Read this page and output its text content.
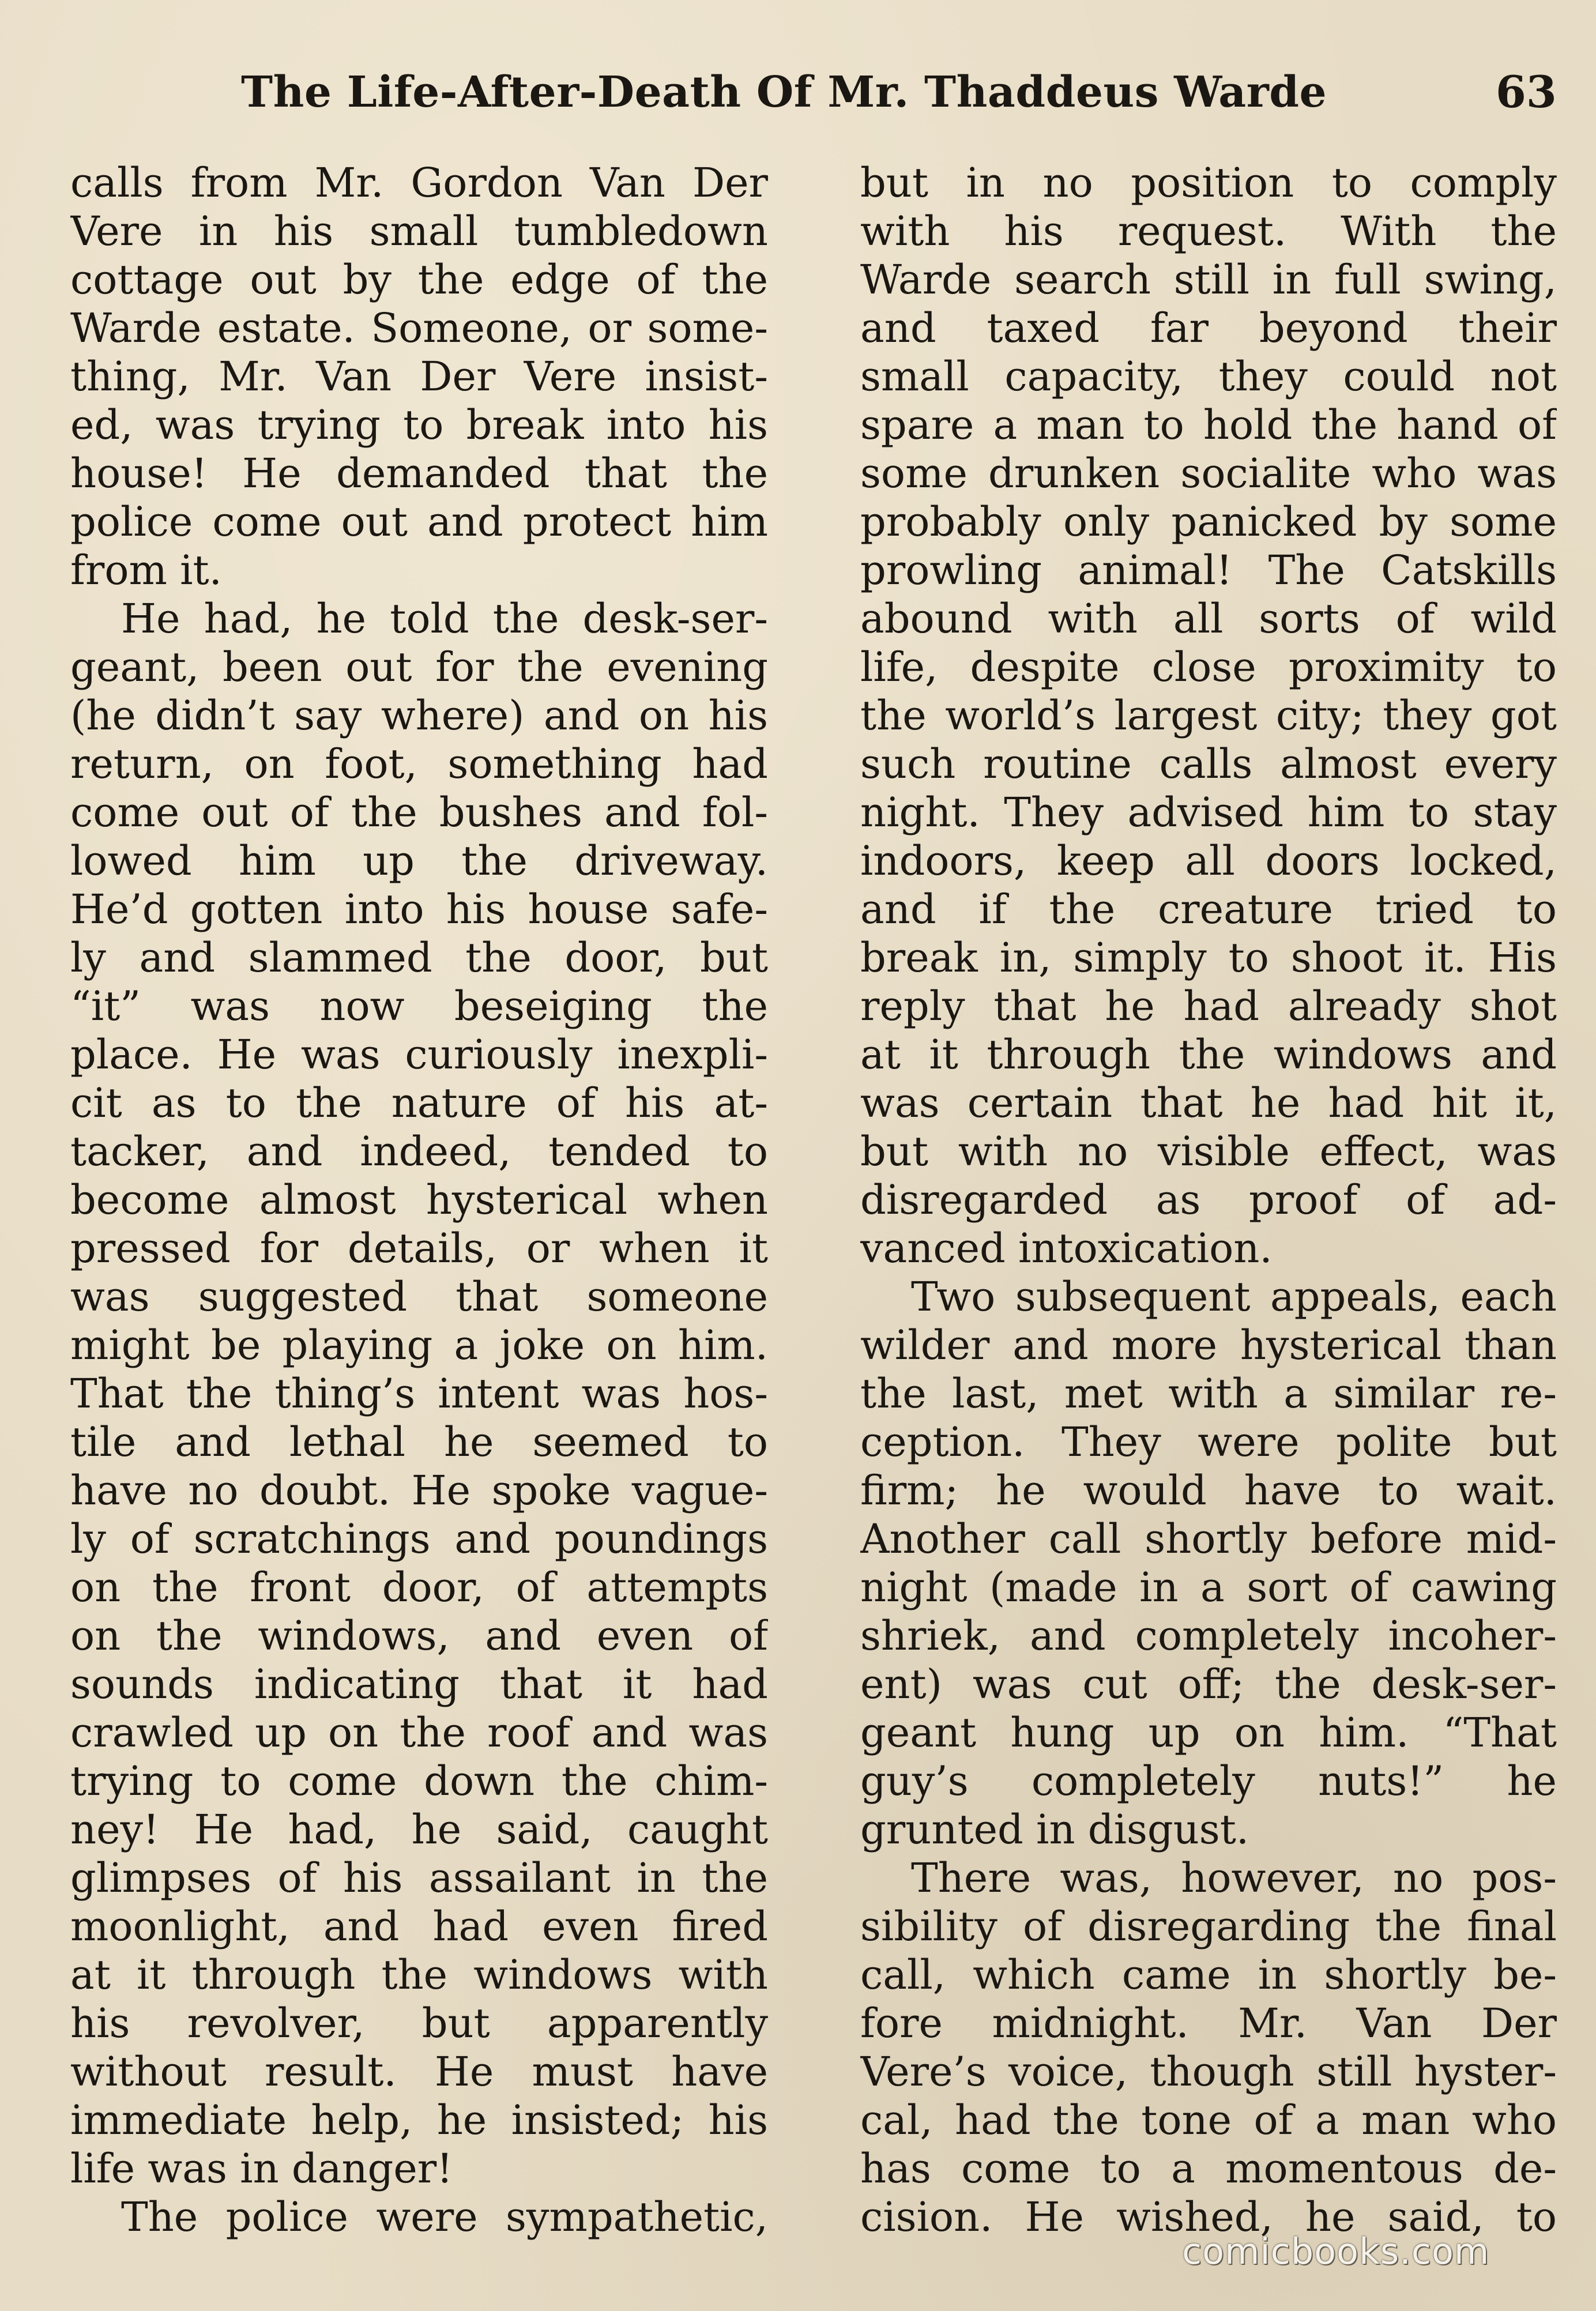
The Life-After-Death Of Mr. Thaddeus Warde	63
calls from Mr. Gordon Van Der
Vere in his small tumbledown
cottage out by the edge of the
Warde estate. Someone, or some-
thing, Mr. Van Der Vere insist-
ed, was trying to break into his
house! He demanded that the
police come out and protect him
from it.
He had, he told the desk-ser-
geant, been out for the evening
(he didn’t say where) and on his
return, on foot, something had
come out of the bushes and fol-
lowed him up the driveway.
He’d gotten into his house safe-
ly and slammed the door, but
“it” was now beseiging the
place. He was curiously inexpli-
cit as to the nature of his at-
tacker, and indeed, tended to
become almost hysterical when
pressed for details, or when it
was suggested that someone
might be playing a joke on him.
That the thing’s intent was hos-
tile and lethal he seemed to
have no doubt. He spoke vague-
ly of scratchings and poundings
on the front door, of attempts
on the windows, and even of
sounds indicating that it had
crawled up on the roof and was
trying to come down the chim-
ney! He had, he said, caught
glimpses of his assailant in the
moonlight, and had even fired
at it through the windows with
his revolver, but apparently
without result. He must have
immediate help, he insisted; his
life was in danger!
The police were sympathetic,
but in no position to comply
with his request. With the
Warde search still in full swing,
and taxed far beyond their
small capacity, they could not
spare a man to hold the hand of
some drunken socialite who was
probably only panicked by some
prowling animal! The Catskills
abound with all sorts of wild
life, despite close proximity to
the world’s largest city; they got
such routine calls almost every
night. They advised him to stay
indoors, keep all doors locked,
and if the creature tried to
break in, simply to shoot it. His
reply that he had already shot
at it through the windows and
was certain that he had hit it,
but with no visible effect, was
disregarded as proof of ad-
vanced intoxication.
Two subsequent appeals, each
wilder and more hysterical than
the last, met with a similar re-
ception. They were polite but
firm; he would have to wait.
Another call shortly before mid-
night (made in a sort of cawing
shriek, and completely incoher-
ent) was cut off; the desk-ser-
geant hung up on him. “That
guy’s completely nuts!” he
grunted in disgust.
There was, however, no pos-
sibility of disregarding the final
call, which came in shortly be-
fore midnight. Mr. Van Der
Vere’s voice, though still hyster-
cal, had the tone of a man who
has come to a momentous de-
cision. He wished, he said, to
comicbooks.com
